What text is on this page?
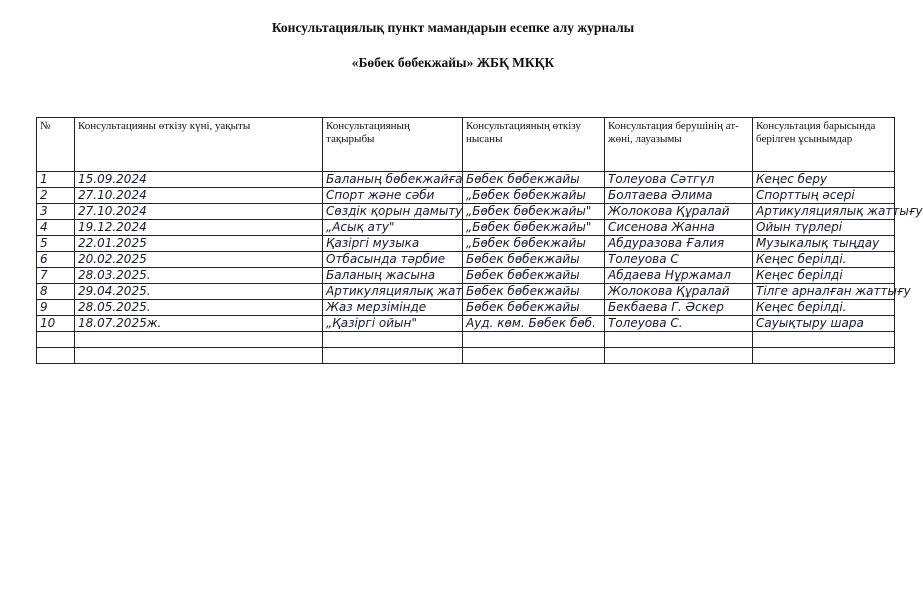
Консультациялық пункт мамандарын есепке алу журналы
«Бөбек бөбекжайы» ЖБҚ МКҚК
№	Консультацияны өткізу күні, уақыты	Консультацияның тақырыбы	Консультацияның өткізу нысаны	Консультация берушінің ат-жөні, лауазымы	Консультация барысында берілген ұсынымдар
1	15.09.2024	Баланың бөбекжайға	Бөбек бөбекжайы	Толеуова Сәтгүл	Кеңес беру
2	27.10.2024	Спорт және сәби	„Бөбек бөбекжайы	Болтаева Әлима	Спорттың әсері
3	27.10.2024	Сөздік қорын дамыту	„Бөбек бөбекжайы"	Жолокова Құралай	Артикуляциялық жаттығу
4	19.12.2024	„Асық ату"	„Бөбек бөбекжайы"	Сисенова Жанна	Ойын түрлері
5	22.01.2025	Қазіргі музыка	„Бөбек бөбекжайы	Абдуразова Ғалия	Музыкалық тыңдау
6	20.02.2025	Отбасында тәрбие	Бөбек бөбекжайы	Толеуова С	Кеңес берілді.
7	28.03.2025.	Баланың жасына	Бөбек бөбекжайы	Абдаева Нұржамал	Кеңес берілді
8	29.04.2025.	Артикуляциялық жат	Бөбек бөбекжайы	Жолокова Құралай	Тілге арналған жаттығу
9	28.05.2025.	Жаз мерзімінде	Бөбек бөбекжайы	Бекбаева Г. Әскер	Кеңес берілді.
10	18.07.2025ж.	„Қазіргі ойын"	Ауд. көм. Бөбек бөб.	Толеуова С.	Сауықтыру шара
